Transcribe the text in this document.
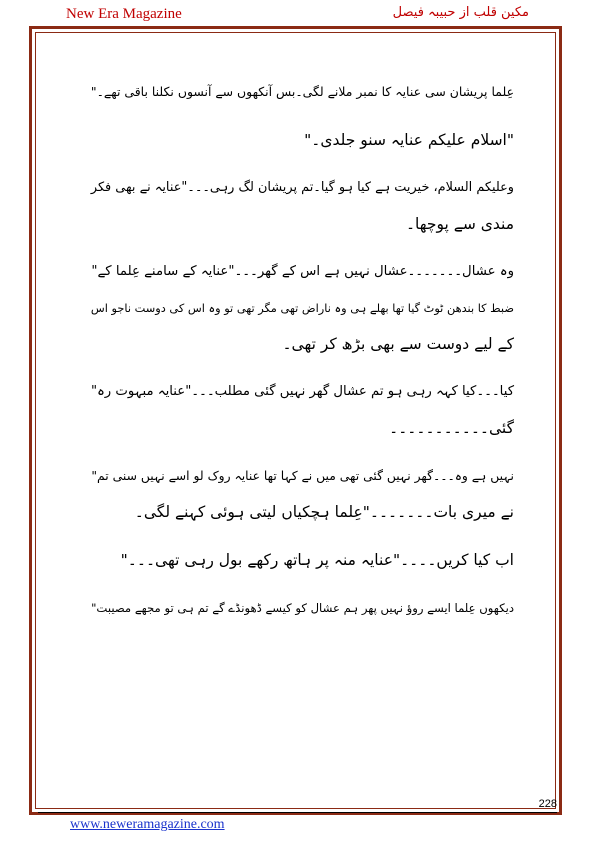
New Era Magazine	مکین قلب از حبیبہ فیصل

عِلما پریشان سی عنایہ کا نمبر ملانے لگی۔بس آنکھوں سے آنسوں نکلنا باقی تھے۔"

"اسلام علیکم عنایہ سنو جلدی۔"

وعلیکم السلام، خیریت ہے کیا ہو گیا۔تم پریشان لگ رہی۔۔۔"عنایہ نے بھی فکر
مندی سے پوچھا۔

وہ عشال۔۔۔۔۔۔۔عشال نہیں ہے اس کے گھر۔۔۔"عنایہ کے سامنے عِلما کے"
ضبط کا بندھن ٹوٹ گیا تھا بھلے ہی وہ ناراض تھی مگر تھی تو وہ اس کی دوست ناجو اس
کے لیے دوست سے بھی بڑھ کر تھی۔

کیا۔۔۔کیا کہہ رہی ہو تم عشال گھر نہیں گئی مطلب۔۔۔"عنایہ مبہوت رہ"
گئی۔۔۔۔۔۔۔۔۔۔۔

نہیں ہے وہ۔۔۔گھر نہیں گئی تھی میں نے کہا تھا عنایہ روک لو اسے نہیں سنی تم"
نے میری بات۔۔۔۔۔۔۔"عِلما ہچکیاں لیتی ہوئی کہنے لگی۔

اب کیا کریں۔۔۔۔"عنایہ منہ پر ہاتھ رکھے بول رہی تھی۔۔۔"

دیکھوں عِلما ایسے روؤ نہیں پھر ہم عشال کو کیسے ڈھونڈے گے تم ہی تو مجھے مصیبت"

228
www.neweramagazine.com
